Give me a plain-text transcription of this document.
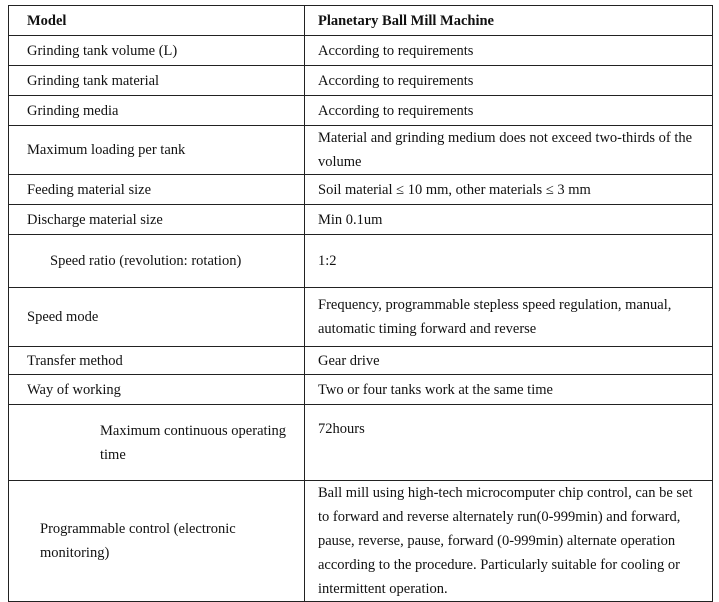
Model	Planetary Ball Mill Machine
Grinding tank volume (L)	According to requirements
Grinding tank material	According to requirements
Grinding media	According to requirements
Maximum loading per tank	Material and grinding medium does not exceed two-thirds of the volume
Feeding material size	Soil material ≤ 10 mm, other materials ≤ 3 mm
Discharge material size	Min 0.1um
Speed ratio (revolution: rotation)	1:2
Speed mode	Frequency, programmable stepless speed regulation, manual, automatic timing forward and reverse
Transfer method	Gear drive
Way of working	Two or four tanks work at the same time
Maximum continuous operating time	72hours
Programmable control (electronic monitoring)	Ball mill using high-tech microcomputer chip control, can be set to forward and reverse alternately run(0-999min) and forward, pause, reverse, pause, forward (0-999min) alternate operation according to the procedure. Particularly suitable for cooling or intermittent operation.
